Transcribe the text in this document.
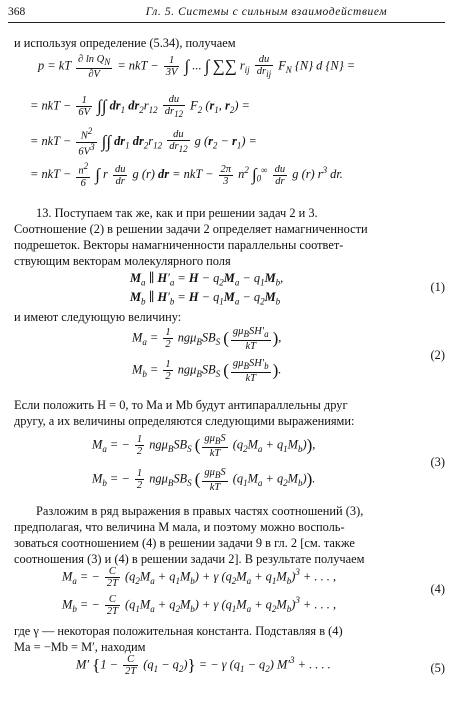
368	Гл. 5. Системы с сильным взаимодействием
и используя определение (5.34), получаем
p = kT $\frac{\partial \ln Q_N}{\partial V}$ = nkT − $\frac{1}{3V}$ ∫ ... ∫ ∑∑ $r_{ij} \frac{du}{dr_{ij}} F_N$ {N} d {N} =
= nkT − $\frac{1}{6V}$ ∫∫ $dr_1$ $dr_2r_{12} \frac{du}{dr_{12}} F_2$ ($r_1$, $r_2$) =
= nkT − $\frac{N^2}{6V^3}$ ∫∫ $dr_1$ $dr_2r_{12} \frac{du}{dr_{12}}$ g $(r_2 - r_1)$ =
= nkT − $\frac{n^2}{6}$ ∫ r $\frac{du}{dr}$ g (r) dr = nkT − $\frac{2\pi}{3} n^2$ $\int_0^\infty \frac{du}{dr}$ g (r) $r^3$ dr.
13. Поступаем так же, как и при решении задач 2 и 3.
Соотношение (2) в решении задачи 2 определяет намагниченности
подрешеток. Векторы намагниченности параллельны соответ-
ствующим векторам молекулярного поля
$M_a$ ∥ $H'_a = H - q_2M_a - q_1M_b$,
$M_b$ ∥ $H'_b = H - q_1M_a - q_2M_b$
(1)
и имеют следующую величину:
$M_a = \frac{1}{2} ng\mu_BSB_S$ ( $\frac{g\mu_BSH'_a}{kT}$ ),
$M_b = \frac{1}{2} ng\mu_BSB_S$ ( $\frac{g\mu_BSH'_b}{kT}$ ).
(2)
Если положить H = 0, то Ma и Mb будут антипараллельны друг
другу, а их величины определяются следующими выражениями:
$M_a$ = − $\frac{1}{2} ng\mu_BSB_S$ ( $\frac{g\mu_BS}{kT} (q_2M_a + q_1M_b)$),
$M_b$ = − $\frac{1}{2} ng\mu_BSB_S$ ( $\frac{g\mu_BS}{kT} (q_1M_a + q_2M_b)$).
(3)
Разложим в ряд выражения в правых частях соотношений (3),
предполагая, что величина M мала, и поэтому можно восполь-
зоваться соотношением (4) в решении задачи 9 в гл. 2 [см. также
соотношения (3) и (4) в решении задачи 2]. В результате получаем
$M_a$ = − $\frac{C}{2T} (q_2M_a + q_1M_b) + \gamma$ $(q_2M_a + q_1M_b)^3$ + . . . ,
$M_b$ = − $\frac{C}{2T} (q_1M_a + q_2M_b) + \gamma$ $(q_1M_a + q_2M_b)^3$ + . . . ,
(4)
где γ — некоторая положительная константа. Подставляя в (4)
Ma = −Mb = M′, находим
M′ $\{1 - \frac{C}{2T} (q_1 - q_2)\}$ = − γ $(q_1 - q_2) M'^3$ + . . . .	(5)
